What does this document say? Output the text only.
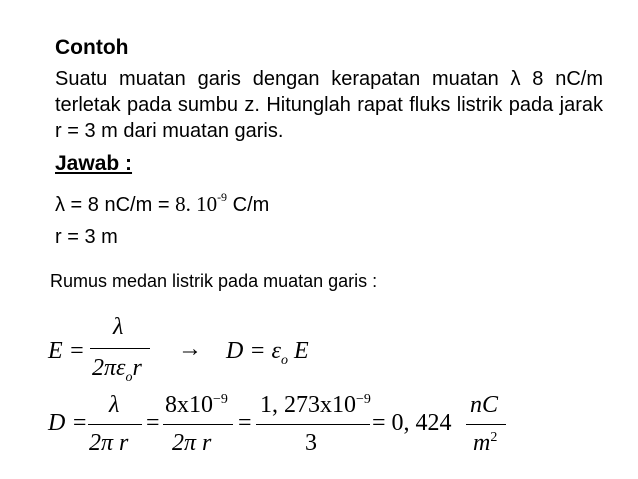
Contoh
Suatu muatan garis dengan kerapatan muatan λ 8 nC/m terletak pada sumbu z. Hitunglah rapat fluks listrik pada jarak r = 3 m dari muatan garis.
Jawab :
λ = 8 nC/m = 8. $10^{-9}$ C/m
r = 3 m
Rumus medan listrik pada muatan garis :
E =
λ
$2\pi\varepsilon_or$
→ $D = \varepsilon_o$ E
D =
λ
2π r
=
$8x10^{-9}$
2π r
=
1, $273x10^{-9}$
3
= 0, 424
nC
$m^2$
